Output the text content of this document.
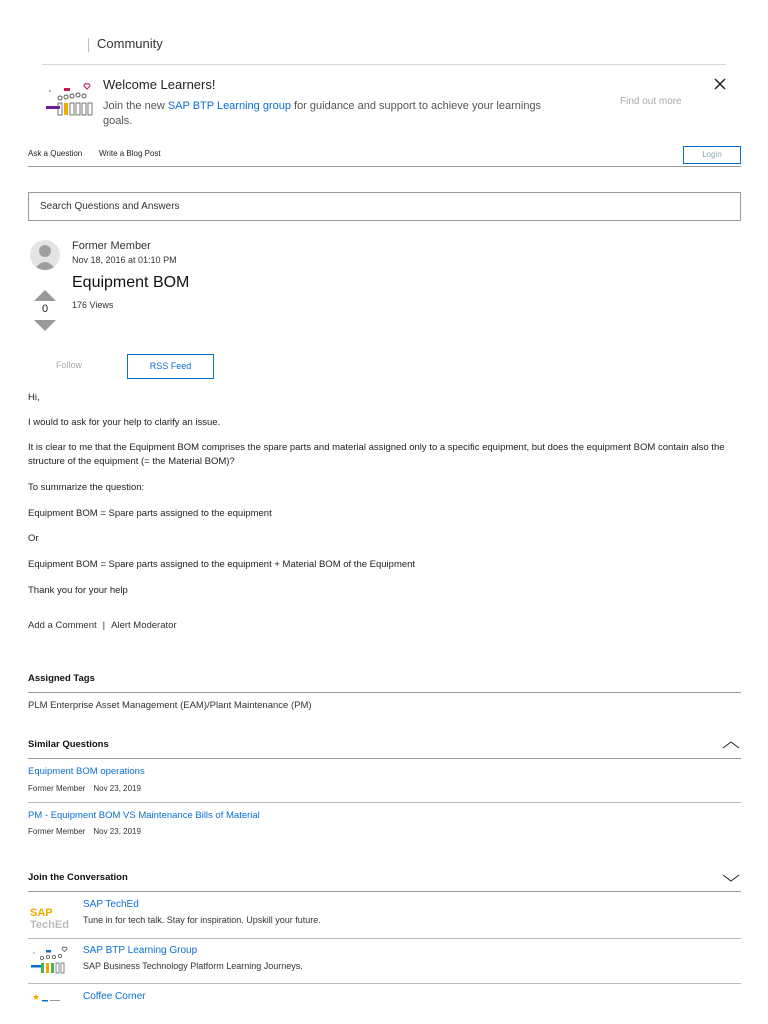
Community
Welcome Learners!
Join the new SAP BTP Learning group for guidance and support to achieve your learnings goals.
Find out more
Ask a Question Write a Blog Post	Login
Search Questions and Answers
Former Member
Nov 18, 2016 at 01:10 PM
Equipment BOM
176 Views
0
Follow	RSS Feed
Hi,
I would to ask for your help to clarify an issue.
It is clear to me that the Equipment BOM comprises the spare parts and material assigned only to a specific equipment, but does the equipment BOM contain also the structure of the equipment (= the Material BOM)?
To summarize the question:
Equipment BOM = Spare parts assigned to the equipment
Or
Equipment BOM = Spare parts assigned to the equipment + Material BOM of the Equipment
Thank you for your help
Add a Comment | Alert Moderator
Assigned Tags
PLM Enterprise Asset Management (EAM)/Plant Maintenance (PM)
Similar Questions
Equipment BOM operations
Former Member Nov 23, 2019
PM - Equipment BOM VS Maintenance Bills of Material
Former Member Nov 23, 2019
Join the Conversation
SAP
TechEd
SAP TechEd
Tune in for tech talk. Stay for inspiration. Upskill your future.
SAP BTP Learning Group
SAP Business Technology Platform Learning Journeys.
Coffee Corner
